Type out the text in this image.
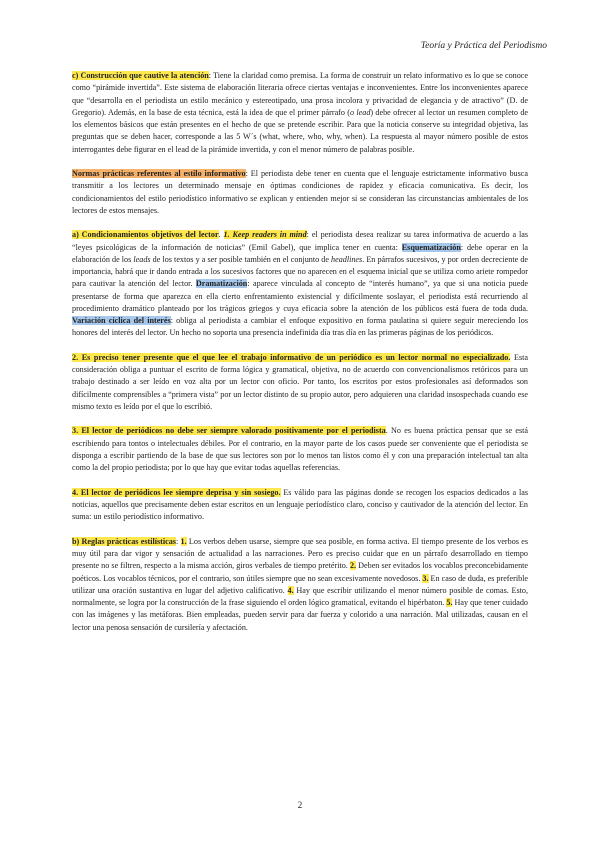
Teoría y Práctica del Periodismo

c) Construcción que cautive la atención: Tiene la claridad como premisa. La forma de construir un relato informativo es lo que se conoce como “pirámide invertida”. Este sistema de elaboración literaria ofrece ciertas ventajas e inconvenientes. Entre los inconvenientes aparece que “desarrolla en el periodista un estilo mecánico y estereotipado, una prosa incolora y privacidad de elegancia y de atractivo” (D. de Gregorio). Además, en la base de esta técnica, está la idea de que el primer párrafo (o lead) debe ofrecer al lector un resumen completo de los elementos básicos que están presentes en el hecho de que se pretende escribir. Para que la noticia conserve su integridad objetiva, las preguntas que se deben hacer, corresponde a las 5 W´s (what, where, who, why, when). La respuesta al mayor número posible de estos interrogantes debe figurar en el lead de la pirámide invertida, y con el menor número de palabras posible.

Normas prácticas referentes al estilo informativo: El periodista debe tener en cuenta que el lenguaje estrictamente informativo busca transmitir a los lectores un determinado mensaje en óptimas condiciones de rapidez y eficacia comunicativa. Es decir, los condicionamientos del estilo periodístico informativo se explican y entienden mejor si se consideran las circunstancias ambientales de los lectores de estos mensajes.

a) Condicionamientos objetivos del lector. 1. Keep readers in mind: el periodista desea realizar su tarea informativa de acuerdo a las “leyes psicológicas de la información de noticias” (Emil Gabel), que implica tener en cuenta: Esquematización: debe operar en la elaboración de los leads de los textos y a ser posible también en el conjunto de headlines. En párrafos sucesivos, y por orden decreciente de importancia, habrá que ir dando entrada a los sucesivos factores que no aparecen en el esquema inicial que se utiliza como ariete rompedor para cautivar la atención del lector. Dramatización: aparece vinculada al concepto de “interés humano”, ya que si una noticia puede presentarse de forma que aparezca en ella cierto enfrentamiento existencial y difícilmente soslayar, el periodista está recurriendo al procedimiento dramático planteado por los trágicos griegos y cuya eficacia sobre la atención de los públicos está fuera de toda duda. Variación cíclica del interés: obliga al periodista a cambiar el enfoque expositivo en forma paulatina si quiere seguir mereciendo los honores del interés del lector. Un hecho no soporta una presencia indefinida día tras día en las primeras páginas de los periódicos.

2. Es preciso tener presente que el que lee el trabajo informativo de un periódico es un lector normal no especializado. Esta consideración obliga a puntuar el escrito de forma lógica y gramatical, objetiva, no de acuerdo con convencionalismos retóricos para un trabajo destinado a ser leído en voz alta por un lector con oficio. Por tanto, los escritos por estos profesionales así deformados son difícilmente comprensibles a “primera vista” por un lector distinto de su propio autor, pero adquieren una claridad insospechada cuando ese mismo texto es leído por el que lo escribió.

3. El lector de periódicos no debe ser siempre valorado positivamente por el periodista. No es buena práctica pensar que se está escribiendo para tontos o intelectuales débiles. Por el contrario, en la mayor parte de los casos puede ser conveniente que el periodista se disponga a escribir partiendo de la base de que sus lectores son por lo menos tan listos como él y con una preparación intelectual tan alta como la del propio periodista; por lo que hay que evitar todas aquellas referencias.

4. El lector de periódicos lee siempre deprisa y sin sosiego. Es válido para las páginas donde se recogen los espacios dedicados a las noticias, aquellos que precisamente deben estar escritos en un lenguaje periodístico claro, conciso y cautivador de la atención del lector. En suma: un estilo periodístico informativo.

b) Reglas prácticas estilísticas: 1. Los verbos deben usarse, siempre que sea posible, en forma activa. El tiempo presente de los verbos es muy útil para dar vigor y sensación de actualidad a las narraciones. Pero es preciso cuidar que en un párrafo desarrollado en tiempo presente no se filtren, respecto a la misma acción, giros verbales de tiempo pretérito. 2. Deben ser evitados los vocablos preconcebidamente poéticos. Los vocablos técnicos, por el contrario, son útiles siempre que no sean excesivamente novedosos. 3. En caso de duda, es preferible utilizar una oración sustantiva en lugar del adjetivo calificativo. 4. Hay que escribir utilizando el menor número posible de comas. Esto, normalmente, se logra por la construcción de la frase siguiendo el orden lógico gramatical, evitando el hipérbaton. 5. Hay que tener cuidado con las imágenes y las metáforas. Bien empleadas, pueden servir para dar fuerza y colorido a una narración. Mal utilizadas, causan en el lector una penosa sensación de cursilería y afectación.

2
